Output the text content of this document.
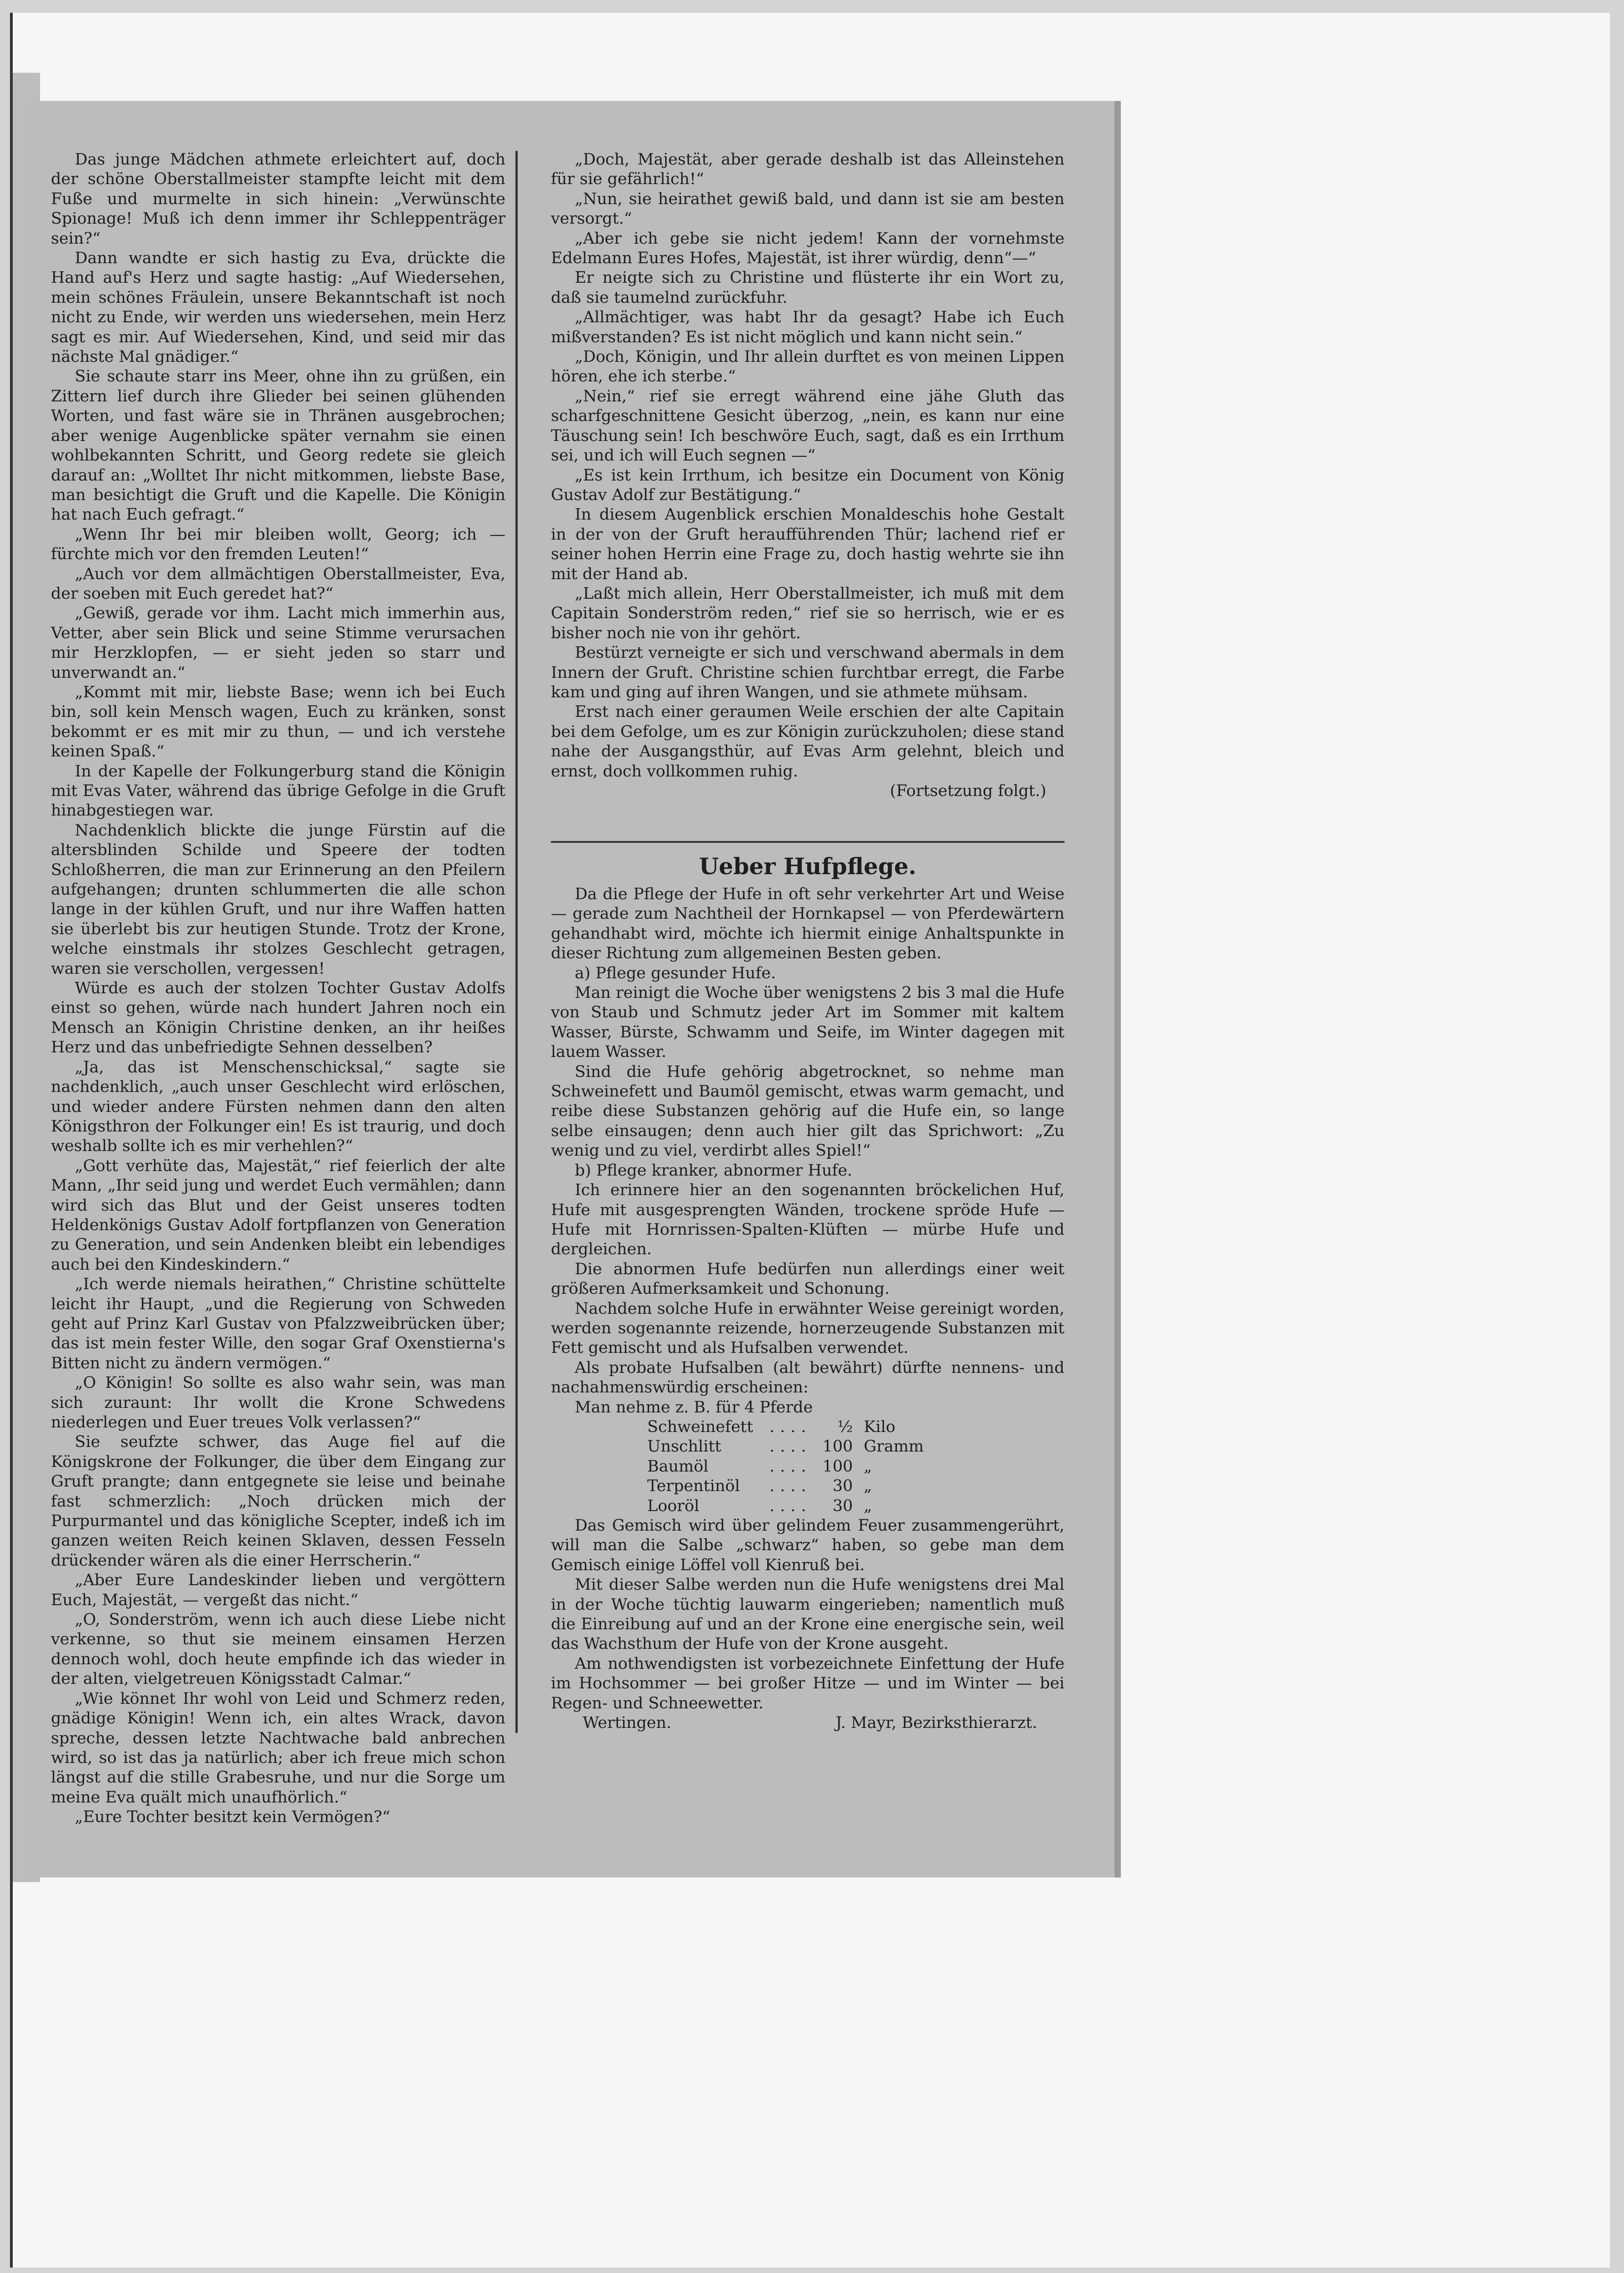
Das junge Mädchen athmete erleichtert auf, doch der schöne Oberstallmeister stampfte leicht mit dem Fuße und murmelte in sich hinein: „Verwünschte Spionage! Muß ich denn immer ihr Schleppenträger sein?“

Dann wandte er sich hastig zu Eva, drückte die Hand auf's Herz und sagte hastig: „Auf Wiedersehen, mein schönes Fräulein, unsere Bekanntschaft ist noch nicht zu Ende, wir werden uns wiedersehen, mein Herz sagt es mir. Auf Wiedersehen, Kind, und seid mir das nächste Mal gnädiger.“

Sie schaute starr ins Meer, ohne ihn zu grüßen, ein Zittern lief durch ihre Glieder bei seinen glühenden Worten, und fast wäre sie in Thränen ausgebrochen; aber wenige Augenblicke später vernahm sie einen wohlbekannten Schritt, und Georg redete sie gleich darauf an: „Wolltet Ihr nicht mitkommen, liebste Base, man besichtigt die Gruft und die Kapelle. Die Königin hat nach Euch gefragt.“

„Wenn Ihr bei mir bleiben wollt, Georg; ich — fürchte mich vor den fremden Leuten!“

„Auch vor dem allmächtigen Oberstallmeister, Eva, der soeben mit Euch geredet hat?“

„Gewiß, gerade vor ihm. Lacht mich immerhin aus, Vetter, aber sein Blick und seine Stimme verursachen mir Herzklopfen, — er sieht jeden so starr und unverwandt an.“

„Kommt mit mir, liebste Base; wenn ich bei Euch bin, soll kein Mensch wagen, Euch zu kränken, sonst bekommt er es mit mir zu thun, — und ich verstehe keinen Spaß.“

In der Kapelle der Folkungerburg stand die Königin mit Evas Vater, während das übrige Gefolge in die Gruft hinabgestiegen war.

Nachdenklich blickte die junge Fürstin auf die altersblinden Schilde und Speere der todten Schloßherren, die man zur Erinnerung an den Pfeilern aufgehangen; drunten schlummerten die alle schon lange in der kühlen Gruft, und nur ihre Waffen hatten sie überlebt bis zur heutigen Stunde. Trotz der Krone, welche einstmals ihr stolzes Geschlecht getragen, waren sie verschollen, vergessen!

Würde es auch der stolzen Tochter Gustav Adolfs einst so gehen, würde nach hundert Jahren noch ein Mensch an Königin Christine denken, an ihr heißes Herz und das unbefriedigte Sehnen desselben?

„Ja, das ist Menschenschicksal,“ sagte sie nachdenklich, „auch unser Geschlecht wird erlöschen, und wieder andere Fürsten nehmen dann den alten Königsthron der Folkunger ein! Es ist traurig, und doch weshalb sollte ich es mir verhehlen?“

„Gott verhüte das, Majestät,“ rief feierlich der alte Mann, „Ihr seid jung und werdet Euch vermählen; dann wird sich das Blut und der Geist unseres todten Heldenkönigs Gustav Adolf fortpflanzen von Generation zu Generation, und sein Andenken bleibt ein lebendiges auch bei den Kindeskindern.“

„Ich werde niemals heirathen,“ Christine schüttelte leicht ihr Haupt, „und die Regierung von Schweden geht auf Prinz Karl Gustav von Pfalzzweibrücken über; das ist mein fester Wille, den sogar Graf Oxenstierna's Bitten nicht zu ändern vermögen.“

„O Königin! So sollte es also wahr sein, was man sich zuraunt: Ihr wollt die Krone Schwedens niederlegen und Euer treues Volk verlassen?“

Sie seufzte schwer, das Auge fiel auf die Königskrone der Folkunger, die über dem Eingang zur Gruft prangte; dann entgegnete sie leise und beinahe fast schmerzlich: „Noch drücken mich der Purpurmantel und das königliche Scepter, indeß ich im ganzen weiten Reich keinen Sklaven, dessen Fesseln drückender wären als die einer Herrscherin.“

„Aber Eure Landeskinder lieben und vergöttern Euch, Majestät, — vergeßt das nicht.“

„O, Sonderström, wenn ich auch diese Liebe nicht verkenne, so thut sie meinem einsamen Herzen dennoch wohl, doch heute empfinde ich das wieder in der alten, vielgetreuen Königsstadt Calmar.“

„Wie könnet Ihr wohl von Leid und Schmerz reden, gnädige Königin! Wenn ich, ein altes Wrack, davon spreche, dessen letzte Nachtwache bald anbrechen wird, so ist das ja natürlich; aber ich freue mich schon längst auf die stille Grabesruhe, und nur die Sorge um meine Eva quält mich unaufhörlich.“

„Eure Tochter besitzt kein Vermögen?“

„Doch, Majestät, aber gerade deshalb ist das Alleinstehen für sie gefährlich!“

„Nun, sie heirathet gewiß bald, und dann ist sie am besten versorgt.“

„Aber ich gebe sie nicht jedem! Kann der vornehmste Edelmann Eures Hofes, Majestät, ist ihrer würdig, denn“—“

Er neigte sich zu Christine und flüsterte ihr ein Wort zu, daß sie taumelnd zurückfuhr.

„Allmächtiger, was habt Ihr da gesagt? Habe ich Euch mißverstanden? Es ist nicht möglich und kann nicht sein.“

„Doch, Königin, und Ihr allein durftet es von meinen Lippen hören, ehe ich sterbe.“

„Nein,“ rief sie erregt während eine jähe Gluth das scharfgeschnittene Gesicht überzog, „nein, es kann nur eine Täuschung sein! Ich beschwöre Euch, sagt, daß es ein Irrthum sei, und ich will Euch segnen —“

„Es ist kein Irrthum, ich besitze ein Document von König Gustav Adolf zur Bestätigung.“

In diesem Augenblick erschien Monaldeschis hohe Gestalt in der von der Gruft heraufführenden Thür; lachend rief er seiner hohen Herrin eine Frage zu, doch hastig wehrte sie ihn mit der Hand ab.

„Laßt mich allein, Herr Oberstallmeister, ich muß mit dem Capitain Sonderström reden,“ rief sie so herrisch, wie er es bisher noch nie von ihr gehört.

Bestürzt verneigte er sich und verschwand abermals in dem Innern der Gruft. Christine schien furchtbar erregt, die Farbe kam und ging auf ihren Wangen, und sie athmete mühsam.

Erst nach einer geraumen Weile erschien der alte Capitain bei dem Gefolge, um es zur Königin zurückzuholen; diese stand nahe der Ausgangsthür, auf Evas Arm gelehnt, bleich und ernst, doch vollkommen ruhig.

(Fortsetzung folgt.)

Ueber Hufpflege.

Da die Pflege der Hufe in oft sehr verkehrter Art und Weise — gerade zum Nachtheil der Hornkapsel — von Pferdewärtern gehandhabt wird, möchte ich hiermit einige Anhaltspunkte in dieser Richtung zum allgemeinen Besten geben.

a) Pflege gesunder Hufe.

Man reinigt die Woche über wenigstens 2 bis 3 mal die Hufe von Staub und Schmutz jeder Art im Sommer mit kaltem Wasser, Bürste, Schwamm und Seife, im Winter dagegen mit lauem Wasser.

Sind die Hufe gehörig abgetrocknet, so nehme man Schweinefett und Baumöl gemischt, etwas warm gemacht, und reibe diese Substanzen gehörig auf die Hufe ein, so lange selbe einsaugen; denn auch hier gilt das Sprichwort: „Zu wenig und zu viel, verdirbt alles Spiel!“

b) Pflege kranker, abnormer Hufe.

Ich erinnere hier an den sogenannten bröckelichen Huf, Hufe mit ausgesprengten Wänden, trockene spröde Hufe — Hufe mit Hornrissen-Spalten-Klüften — mürbe Hufe und dergleichen.

Die abnormen Hufe bedürfen nun allerdings einer weit größeren Aufmerksamkeit und Schonung.

Nachdem solche Hufe in erwähnter Weise gereinigt worden, werden sogenannte reizende, hornerzeugende Substanzen mit Fett gemischt und als Hufsalben verwendet.

Als probate Hufsalben (alt bewährt) dürfte nennens- und nachahmenswürdig erscheinen:

Man nehme z. B. für 4 Pferde

Schweinefett	....	½	Kilo
Unschlitt	....	100	Gramm
Baumöl	....	100	„
Terpentinöl	....	30	„
Looröl	....	30	„

Das Gemisch wird über gelindem Feuer zusammengerührt, will man die Salbe „schwarz“ haben, so gebe man dem Gemisch einige Löffel voll Kienruß bei.

Mit dieser Salbe werden nun die Hufe wenigstens drei Mal in der Woche tüchtig lauwarm eingerieben; namentlich muß die Einreibung auf und an der Krone eine energische sein, weil das Wachsthum der Hufe von der Krone ausgeht.

Am nothwendigsten ist vorbezeichnete Einfettung der Hufe im Hochsommer — bei großer Hitze — und im Winter — bei Regen- und Schneewetter.

Wertingen.	J. Mayr, Bezirksthierarzt.
